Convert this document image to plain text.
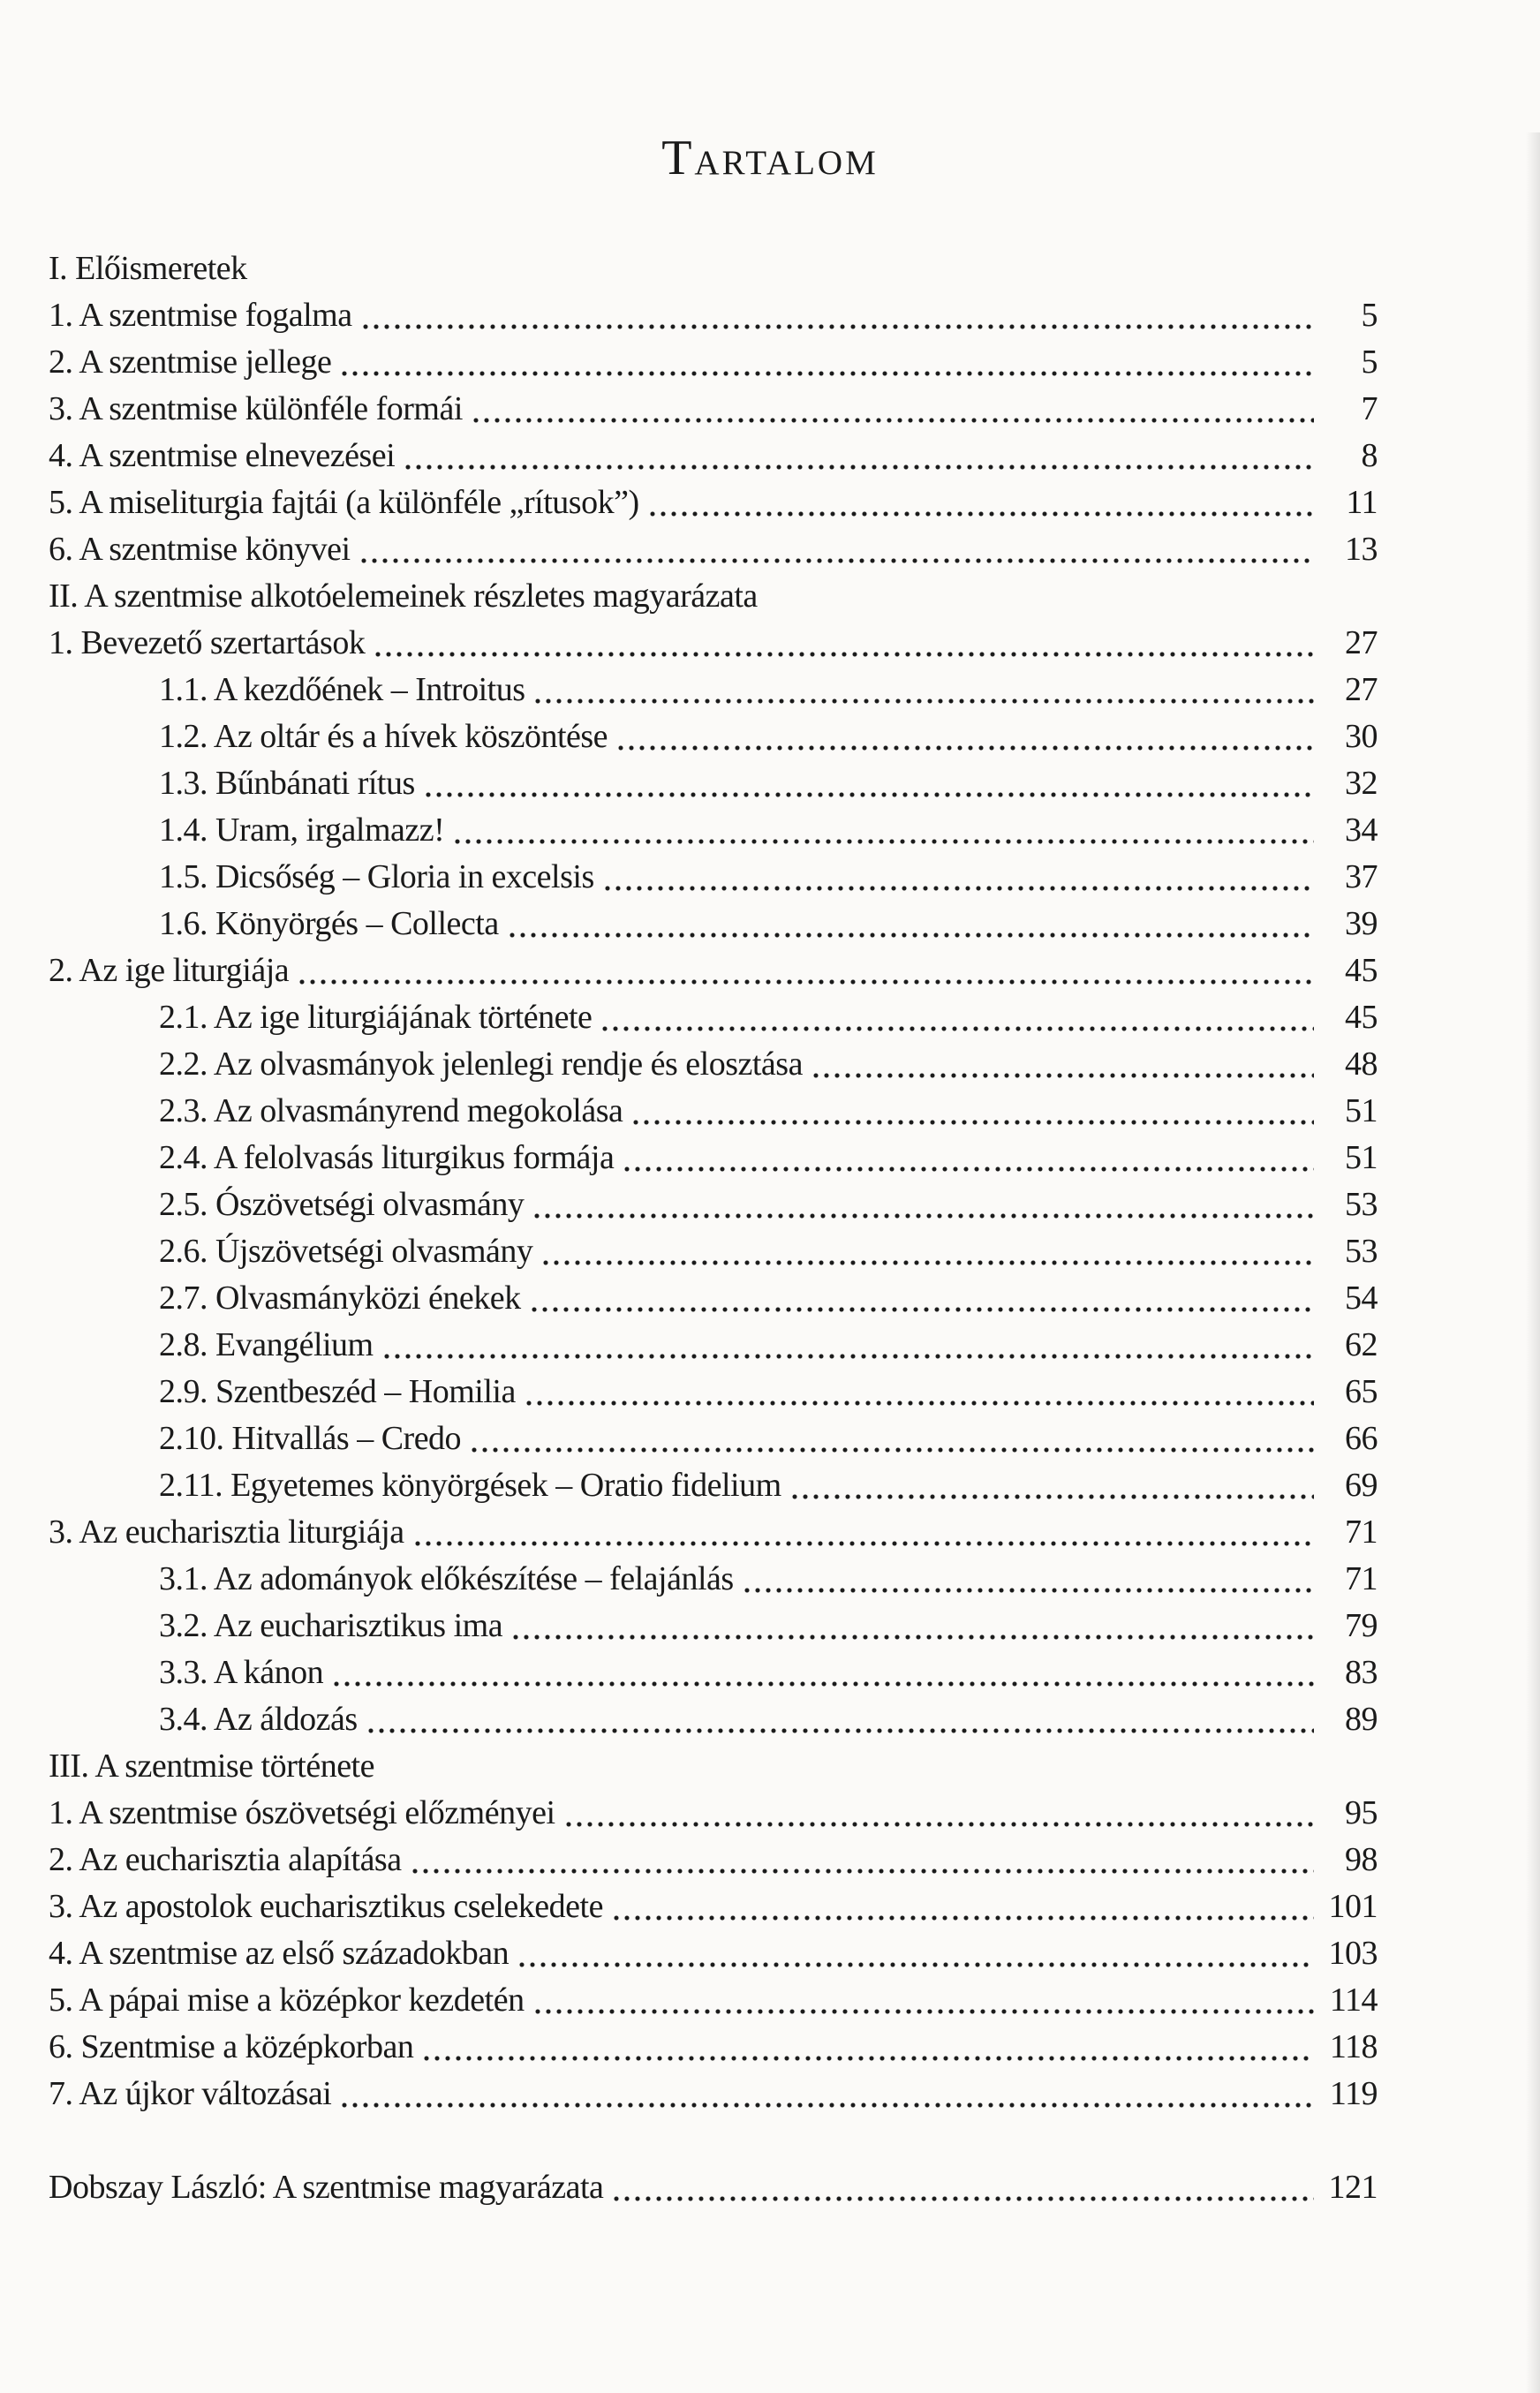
Tartalom
I. Előismeretek
1. A szentmise fogalma	5
2. A szentmise jellege	5
3. A szentmise különféle formái	7
4. A szentmise elnevezései	8
5. A miseliturgia fajtái (a különféle „rítusok”)	11
6. A szentmise könyvei	13
II. A szentmise alkotóelemeinek részletes magyarázata
1. Bevezető szertartások	27
1.1. A kezdőének – Introitus	27
1.2. Az oltár és a hívek köszöntése	30
1.3. Bűnbánati rítus	32
1.4. Uram, irgalmazz!	34
1.5. Dicsőség – Gloria in excelsis	37
1.6. Könyörgés – Collecta	39
2. Az ige liturgiája	45
2.1. Az ige liturgiájának története	45
2.2. Az olvasmányok jelenlegi rendje és elosztása	48
2.3. Az olvasmányrend megokolása	51
2.4. A felolvasás liturgikus formája	51
2.5. Ószövetségi olvasmány	53
2.6. Újszövetségi olvasmány	53
2.7. Olvasmányközi énekek	54
2.8. Evangélium	62
2.9. Szentbeszéd – Homilia	65
2.10. Hitvallás – Credo	66
2.11. Egyetemes könyörgések – Oratio fidelium	69
3. Az eucharisztia liturgiája	71
3.1. Az adományok előkészítése – felajánlás	71
3.2. Az eucharisztikus ima	79
3.3. A kánon	83
3.4. Az áldozás	89
III. A szentmise története
1. A szentmise ószövetségi előzményei	95
2. Az eucharisztia alapítása	98
3. Az apostolok eucharisztikus cselekedete	101
4. A szentmise az első századokban	103
5. A pápai mise a középkor kezdetén	114
6. Szentmise a középkorban	118
7. Az újkor változásai	119
Dobszay László: A szentmise magyarázata	121
